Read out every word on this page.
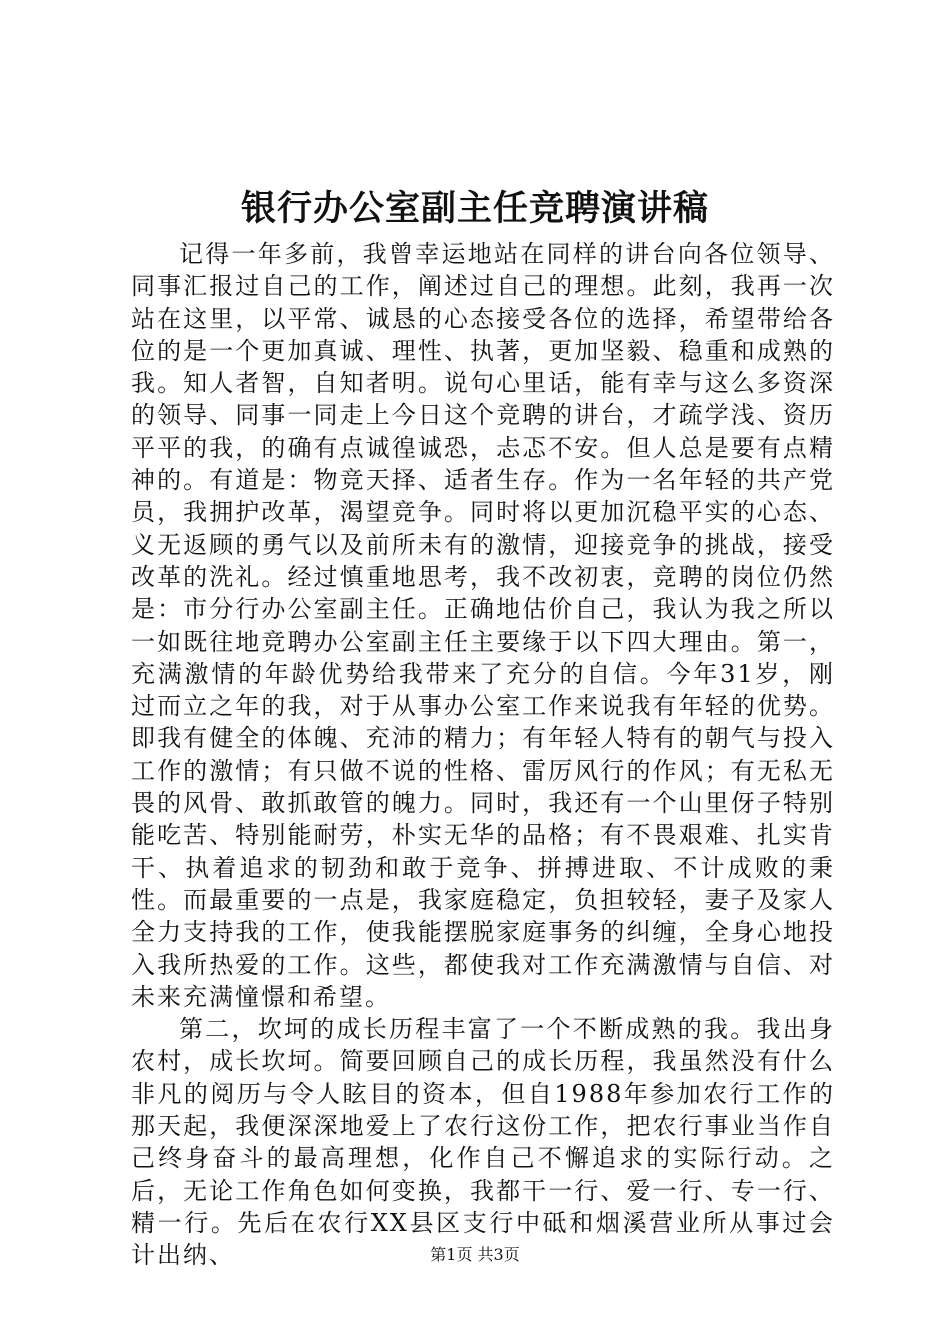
银行办公室副主任竞聘演讲稿

记得一年多前，我曾幸运地站在同样的讲台向各位领导、同事汇报过自己的工作，阐述过自己的理想。此刻，我再一次站在这里，以平常、诚恳的心态接受各位的选择，希望带给各位的是一个更加真诚、理性、执著，更加坚毅、稳重和成熟的我。知人者智，自知者明。说句心里话，能有幸与这么多资深的领导、同事一同走上今日这个竞聘的讲台，才疏学浅、资历平平的我，的确有点诚徨诚恐，忐忑不安。但人总是要有点精神的。有道是：物竞天择、适者生存。作为一名年轻的共产党员，我拥护改革，渴望竞争。同时将以更加沉稳平实的心态、义无返顾的勇气以及前所未有的激情，迎接竞争的挑战，接受改革的洗礼。经过慎重地思考，我不改初衷，竞聘的岗位仍然是：市分行办公室副主任。正确地估价自己，我认为我之所以一如既往地竞聘办公室副主任主要缘于以下四大理由。第一，充满激情的年龄优势给我带来了充分的自信。今年31岁，刚过而立之年的我，对于从事办公室工作来说我有年轻的优势。即我有健全的体魄、充沛的精力；有年轻人特有的朝气与投入工作的激情；有只做不说的性格、雷厉风行的作风；有无私无畏的风骨、敢抓敢管的魄力。同时，我还有一个山里伢子特别能吃苦、特别能耐劳，朴实无华的品格；有不畏艰难、扎实肯干、执着追求的韧劲和敢于竞争、拼搏进取、不计成败的秉性。而最重要的一点是，我家庭稳定，负担较轻，妻子及家人全力支持我的工作，使我能摆脱家庭事务的纠缠，全身心地投入我所热爱的工作。这些，都使我对工作充满激情与自信、对未来充满憧憬和希望。

第二，坎坷的成长历程丰富了一个不断成熟的我。我出身农村，成长坎坷。简要回顾自己的成长历程，我虽然没有什么非凡的阅历与令人眩目的资本，但自1988年参加农行工作的那天起，我便深深地爱上了农行这份工作，把农行事业当作自己终身奋斗的最高理想，化作自己不懈追求的实际行动。之后，无论工作角色如何变换，我都干一行、爱一行、专一行、精一行。先后在农行XX县区支行中砥和烟溪营业所从事过会计出纳、	第1页 共3页
